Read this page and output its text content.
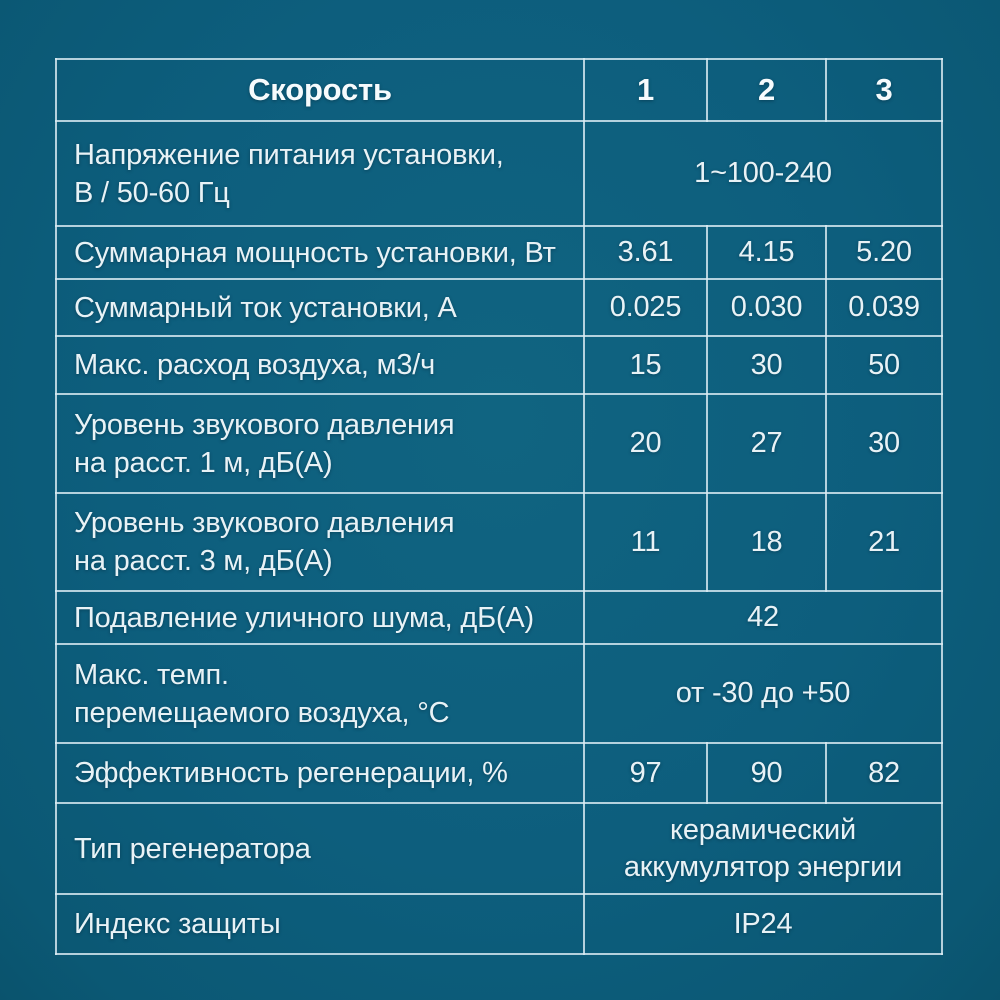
Скорость	1	2	3

Напряжение питания установки,
В / 50-60 Гц	1~100-240		

Суммарная мощность установки, Вт	3.61	4.15	5.20

Суммарный ток установки, А	0.025	0.030	0.039

Макс. расход воздуха, м3/ч	15	30	50

Уровень звукового давления
на расст. 1 м, дБ(А)	20	27	30

Уровень звукового давления
на расст. 3 м, дБ(А)	11	18	21

Подавление уличного шума, дБ(А)	42		

Макс. темп.
перемещаемого воздуха, °С	от -30 до +50		

Эффективность регенерации, %	97	90	82

Тип регенератора	керамический
аккумулятор энергии		

Индекс защиты	IP24		
